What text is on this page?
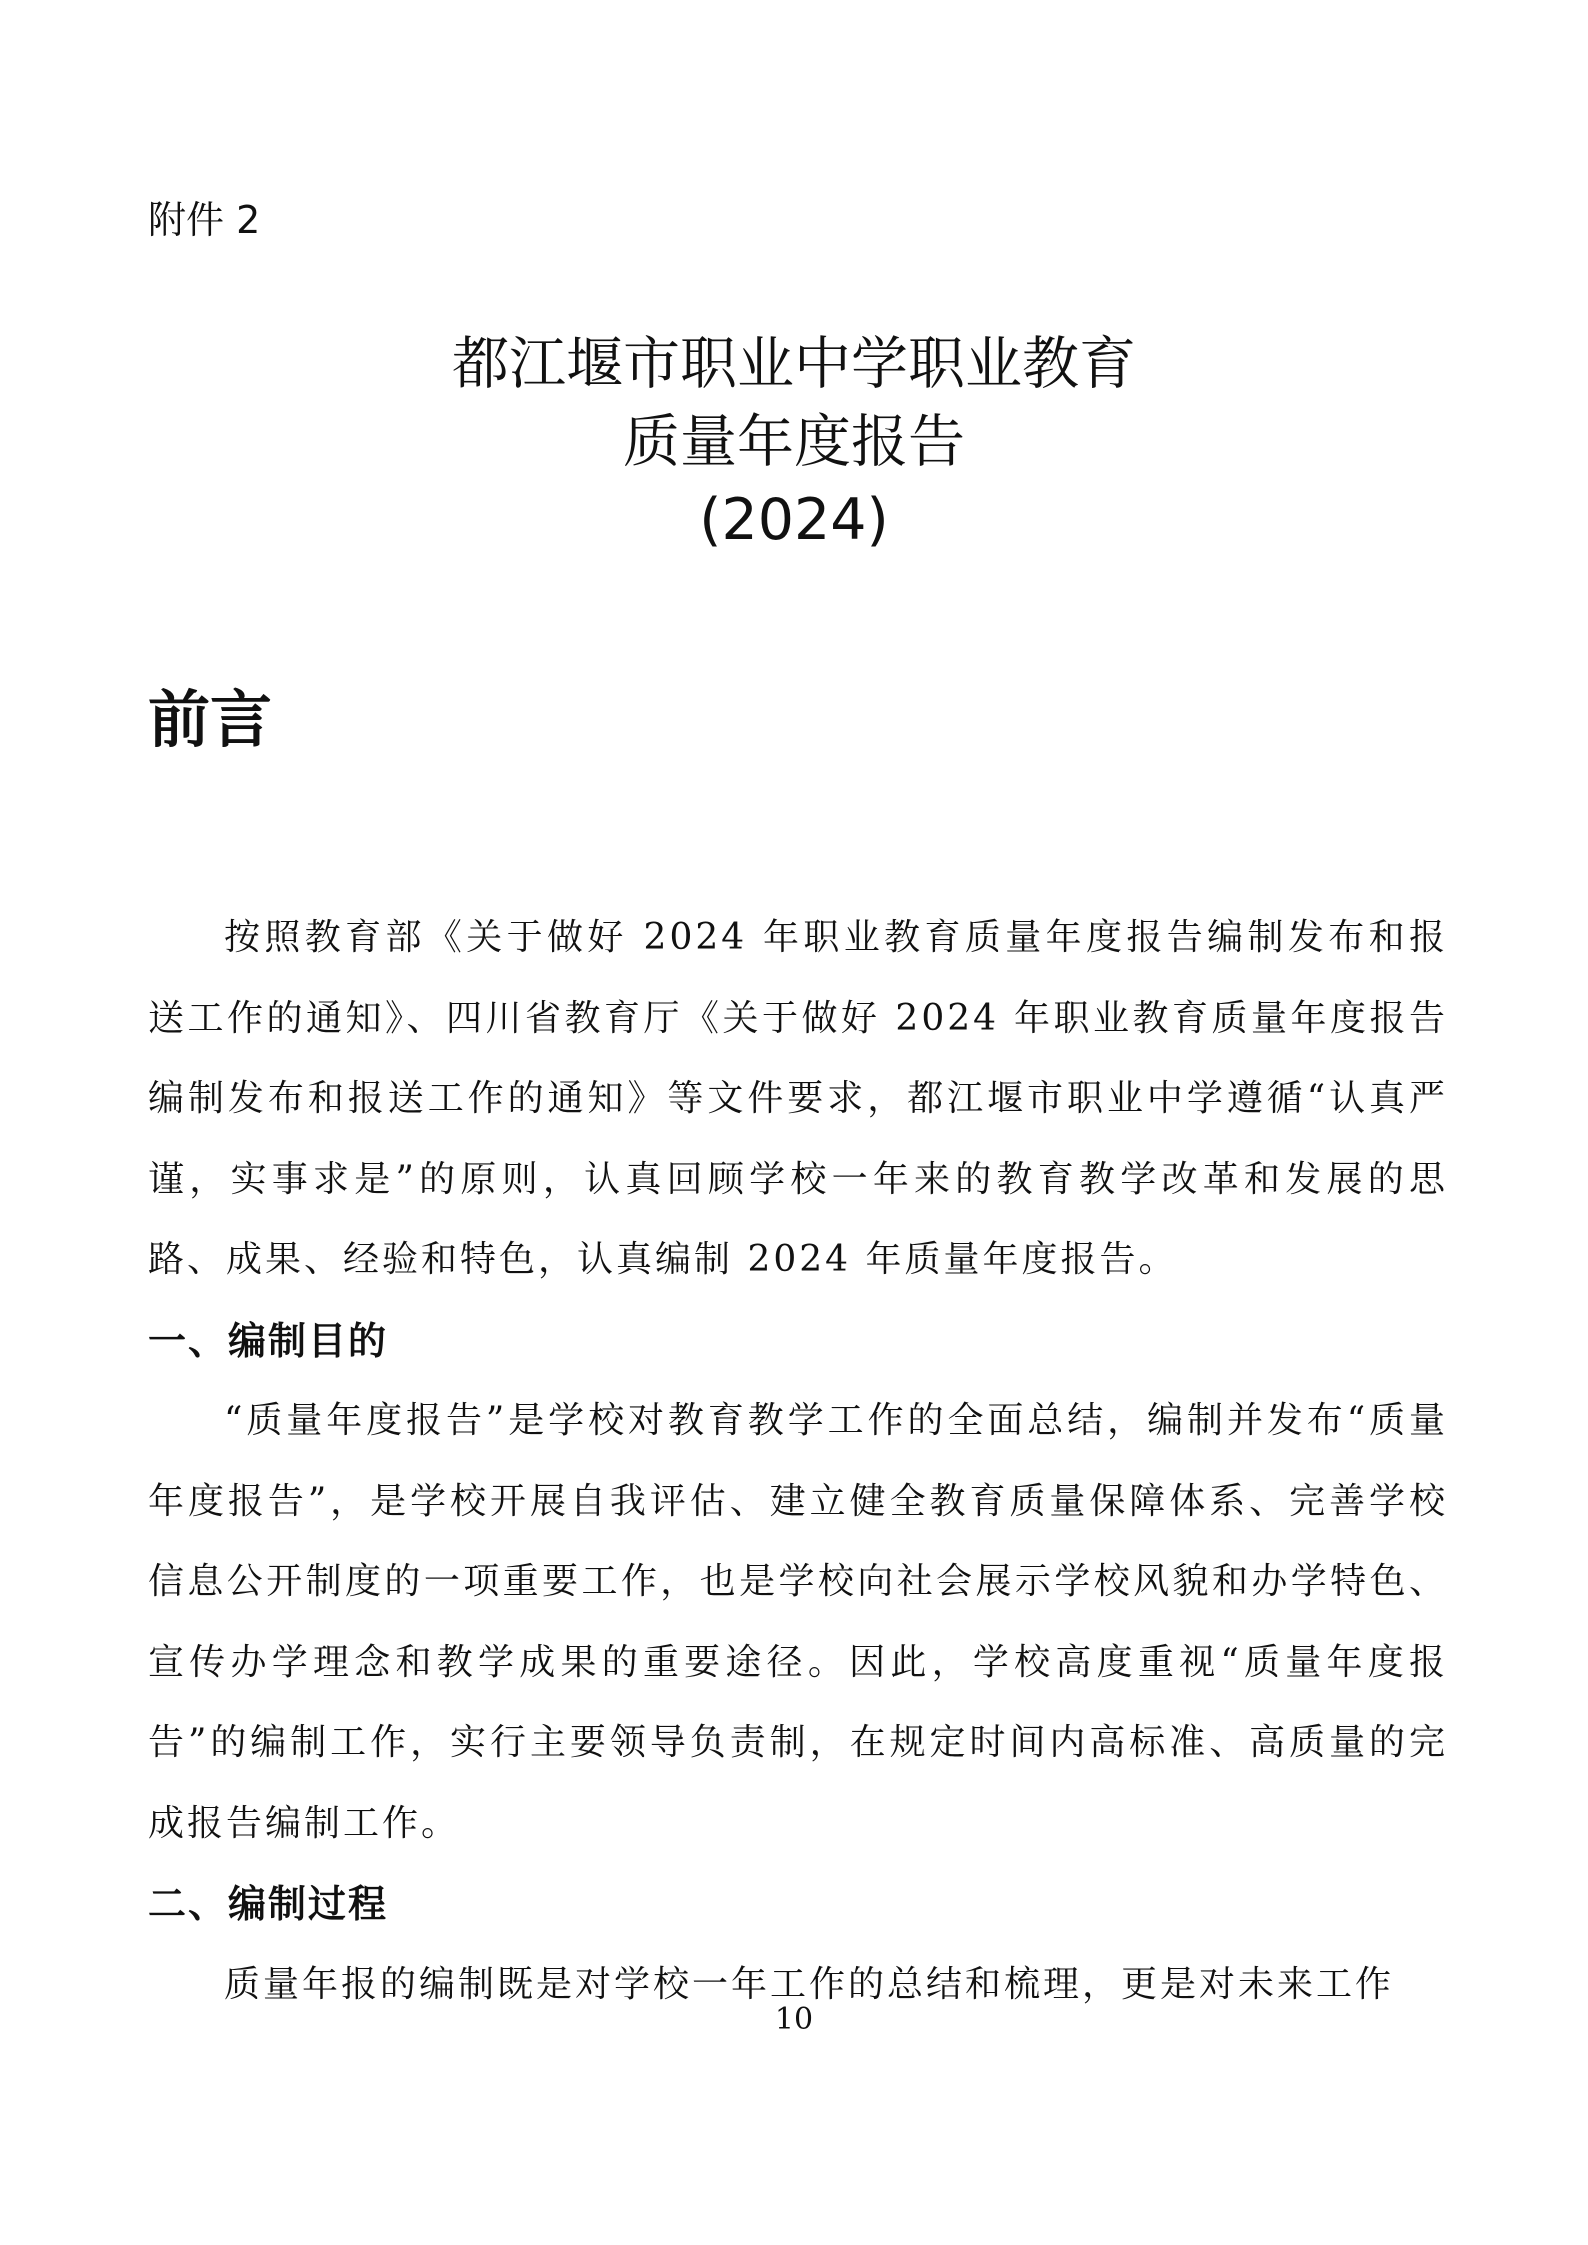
附件 2
都江堰市职业中学职业教育
质量年度报告
(2024)
前言

按照教育部《关于做好 2024 年职业教育质量年度报告编制发布和报送工作的通知》、四川省教育厅《关于做好 2024 年职业教育质量年度报告编制发布和报送工作的通知》等文件要求，都江堰市职业中学遵循“认真严谨，实事求是”的原则，认真回顾学校一年来的教育教学改革和发展的思路、成果、经验和特色，认真编制 2024 年质量年度报告。

一、编制目的

“质量年度报告”是学校对教育教学工作的全面总结，编制并发布“质量年度报告”，是学校开展自我评估、建立健全教育质量保障体系、完善学校信息公开制度的一项重要工作，也是学校向社会展示学校风貌和办学特色、宣传办学理念和教学成果的重要途径。因此，学校高度重视“质量年度报告”的编制工作，实行主要领导负责制，在规定时间内高标准、高质量的完成报告编制工作。

二、编制过程

质量年报的编制既是对学校一年工作的总结和梳理，更是对未来工作

10
